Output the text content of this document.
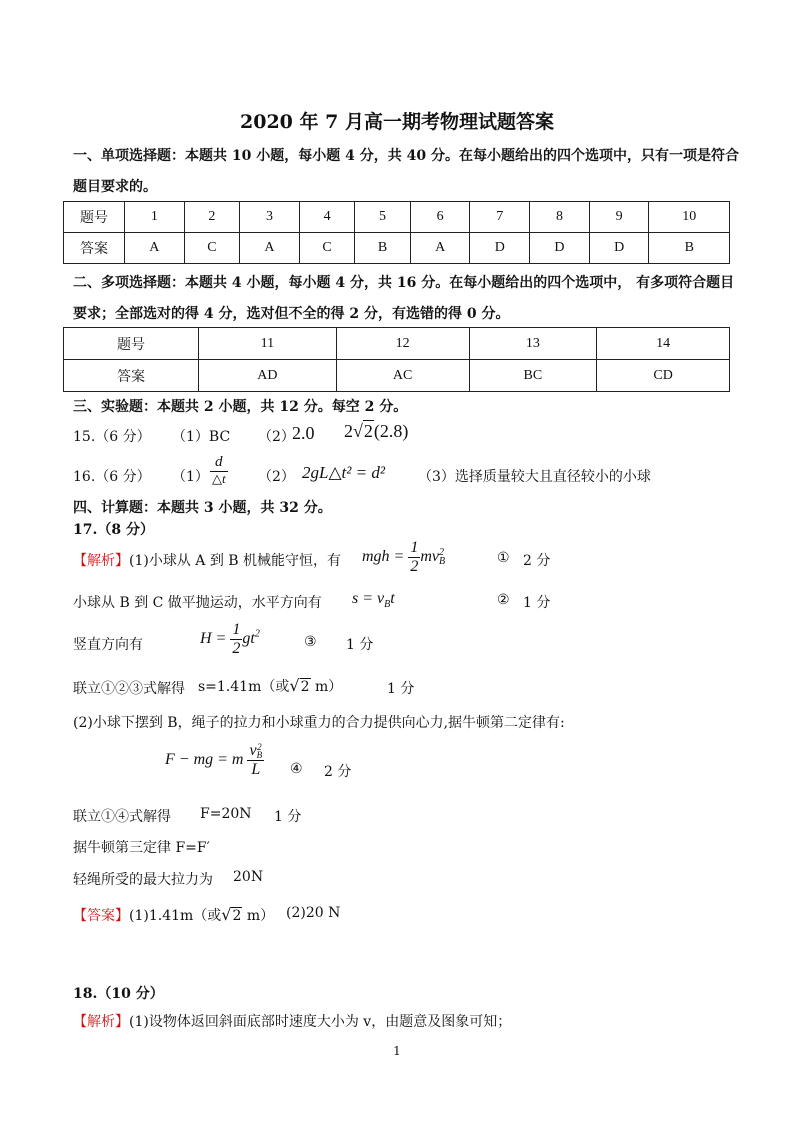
2020 年 7 月高一期考物理试题答案
一、单项选择题：本题共 10 小题，每小题 4 分，共 40 分。在每小题给出的四个选项中，只有一项是符合
题目要求的。
题号	1	2	3	4	5	6	7	8	9	10
答案	A	C	A	C	B	A	D	D	D	B
二、多项选择题：本题共 4 小题，每小题 4 分，共 16 分。在每小题给出的四个选项中， 有多项符合题目
要求；全部选对的得 4 分，选对但不全的得 2 分，有选错的得 0 分。
题号	11	12	13	14
答案	AD	AC	BC	CD
三、实验题：本题共 2 小题，共 12 分。每空 2 分。
15.（6 分） （1）BC （2）
2.0 2√2(2.8)
16.（6 分） $(1) \frac{d}{\triangle t} (2)$ 2gL△t² = d² （3）选择质量较大且直径较小的小球
四、计算题：本题共 3 小题，共 32 分。
17.（8 分）
【解析】(1)小球从 A 到 B 机械能守恒，有 mgh = $\frac{1}{2}$ mv 2
B	① 2 分
小球从 B 到 C 做平抛运动，水平方向有 $s = v_Bt$	② 1 分
竖直方向有	$H = \frac{1}{2} gt^2$
③ 1 分
联立①②③式解得 s=1.41m（或√2 m）	1 分
(2)小球下摆到 B，绳子的拉力和小球重力的合力提供向心力,据牛顿第二定律有:
F − mg = m v 2
B
L ④ 2 分
联立①④式解得 F=20N 1 分
据牛顿第三定律 F=F′
轻绳所受的最大拉力为 20N
【答案】(1)1.41m（或√2 m） (2)20 N
18.（10 分）
【解析】(1)设物体返回斜面底部时速度大小为 v，由题意及图象可知；
1
